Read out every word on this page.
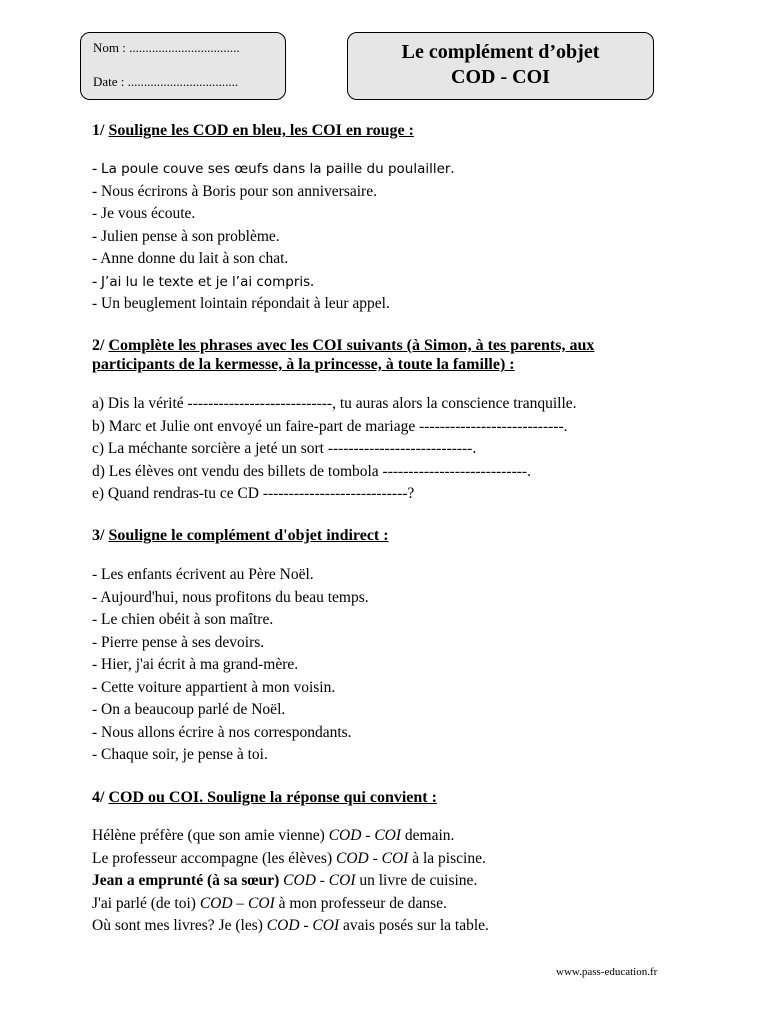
Nom : ..................................
Date : ..................................
Le complément d’objet
COD - COI
1/ Souligne les COD en bleu, les COI en rouge :
- La poule couve ses œufs dans la paille du poulailler.
- Nous écrirons à Boris pour son anniversaire.
- Je vous écoute.
- Julien pense à son problème.
- Anne donne du lait à son chat.
- J’ai lu le texte et je l’ai compris.
- Un beuglement lointain répondait à leur appel.
2/ Complète les phrases avec les COI suivants (à Simon, à tes parents, aux
participants de la kermesse, à la princesse, à toute la famille) :
a) Dis la vérité ----------------------------, tu auras alors la conscience tranquille.
b) Marc et Julie ont envoyé un faire-part de mariage ----------------------------.
c) La méchante sorcière a jeté un sort ----------------------------.
d) Les élèves ont vendu des billets de tombola ----------------------------.
e) Quand rendras-tu ce CD ----------------------------?
3/ Souligne le complément d'objet indirect :
- Les enfants écrivent au Père Noël.
- Aujourd'hui, nous profitons du beau temps.
- Le chien obéit à son maître.
- Pierre pense à ses devoirs.
- Hier, j'ai écrit à ma grand-mère.
- Cette voiture appartient à mon voisin.
- On a beaucoup parlé de Noël.
- Nous allons écrire à nos correspondants.
- Chaque soir, je pense à toi.
4/ COD ou COI. Souligne la réponse qui convient :
Hélène préfère (que son amie vienne) COD - COI demain.
Le professeur accompagne (les élèves) COD - COI à la piscine.
Jean a emprunté (à sa sœur) COD - COI un livre de cuisine.
J'ai parlé (de toi) COD – COI à mon professeur de danse.
Où sont mes livres? Je (les) COD - COI avais posés sur la table.
www.pass-education.fr
